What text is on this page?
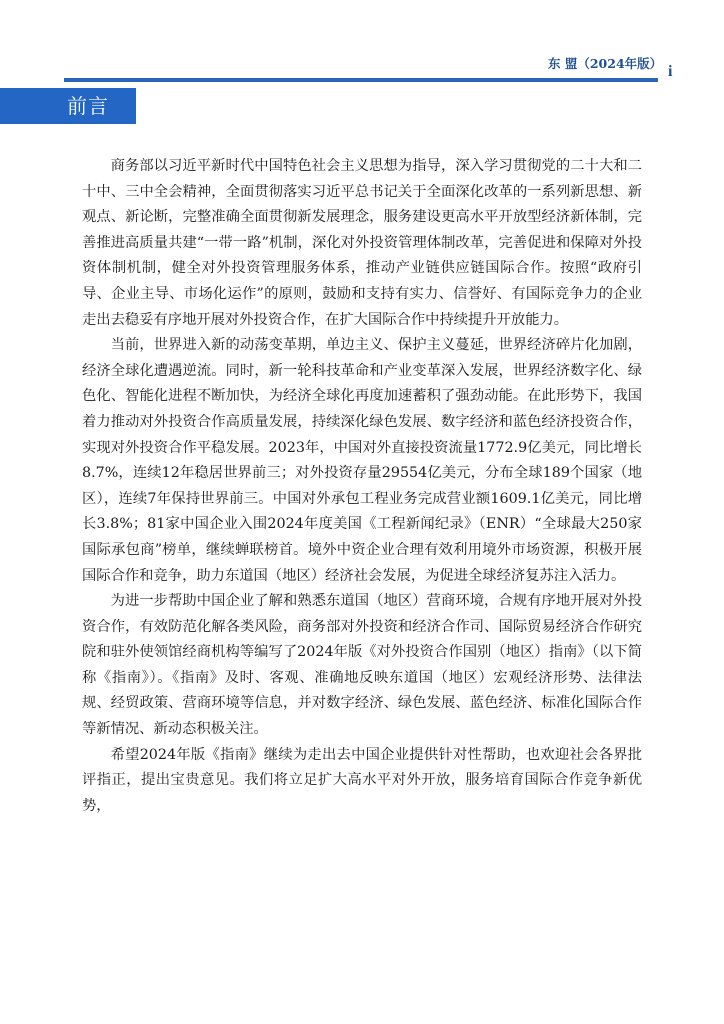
东 盟（2024年版） i
前言

商务部以习近平新时代中国特色社会主义思想为指导，深入学习贯彻党的二十大和二十中、三中全会精神，全面贯彻落实习近平总书记关于全面深化改革的一系列新思想、新观点、新论断，完整准确全面贯彻新发展理念，服务建设更高水平开放型经济新体制，完善推进高质量共建“一带一路”机制，深化对外投资管理体制改革，完善促进和保障对外投资体制机制，健全对外投资管理服务体系，推动产业链供应链国际合作。按照“政府引导、企业主导、市场化运作”的原则，鼓励和支持有实力、信誉好、有国际竞争力的企业走出去稳妥有序地开展对外投资合作，在扩大国际合作中持续提升开放能力。

当前，世界进入新的动荡变革期，单边主义、保护主义蔓延，世界经济碎片化加剧，经济全球化遭遇逆流。同时，新一轮科技革命和产业变革深入发展，世界经济数字化、绿色化、智能化进程不断加快，为经济全球化再度加速蓄积了强劲动能。在此形势下，我国着力推动对外投资合作高质量发展，持续深化绿色发展、数字经济和蓝色经济投资合作，实现对外投资合作平稳发展。2023年，中国对外直接投资流量1772.9亿美元，同比增长8.7%，连续12年稳居世界前三；对外投资存量29554亿美元，分布全球189个国家（地区），连续7年保持世界前三。中国对外承包工程业务完成营业额1609.1亿美元，同比增长3.8%；81家中国企业入围2024年度美国《工程新闻纪录》（ENR）“全球最大250家国际承包商”榜单，继续蝉联榜首。境外中资企业合理有效利用境外市场资源，积极开展国际合作和竞争，助力东道国（地区）经济社会发展，为促进全球经济复苏注入活力。

为进一步帮助中国企业了解和熟悉东道国（地区）营商环境，合规有序地开展对外投资合作，有效防范化解各类风险，商务部对外投资和经济合作司、国际贸易经济合作研究院和驻外使领馆经商机构等编写了2024年版《对外投资合作国别（地区）指南》（以下简称《指南》）。《指南》及时、客观、准确地反映东道国（地区）宏观经济形势、法律法规、经贸政策、营商环境等信息，并对数字经济、绿色发展、蓝色经济、标准化国际合作等新情况、新动态积极关注。

希望2024年版《指南》继续为走出去中国企业提供针对性帮助，也欢迎社会各界批评指正，提出宝贵意见。我们将立足扩大高水平对外开放，服务培育国际合作竞争新优势，
